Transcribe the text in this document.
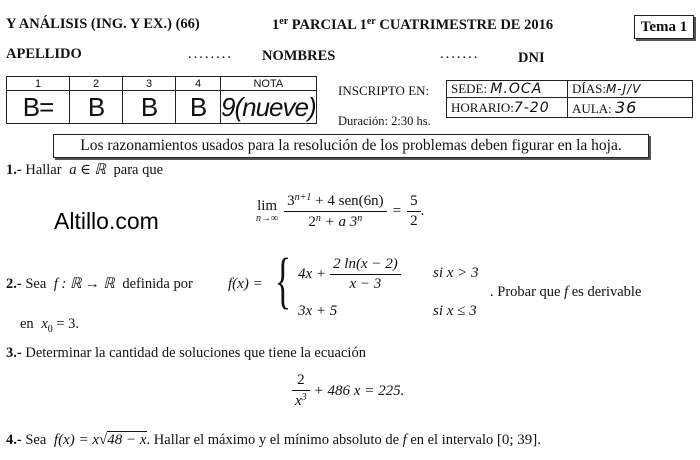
Y ANÁLISIS (ING. Y EX.) (66)	1er PARCIAL 1er CUATRIMESTRE DE 2016	Tema 1
APELLIDO	........ NOMBRES	.......	DNI
1	2	3	4	NOTA
B=	B	B	B	9(nueve)
INSCRIPTO EN: SEDE: M.OCA	DÍAS:M-J/V
HORARIO:7-20	AULA: 36
Duración: 2:30 hs.
Los razonamientos usados para la resolución de los problemas deben figurar en la hoja.
1.- Hallar a ∈ ℝ para que
Altillo.com
lim
$n\to\infty \frac{3^{n+1} + 4 sen(6n)}{2^n + a 3^n} = \frac{5}{2}$ .
2.- Sea f : ℝ → ℝ definida por f(x) = { $4x + \frac{2 \ln(x - 2)}{x - 3}$ si x > 3
3x + 5	si x ≤ 3
. Probar que f es derivable
en $x_0 = 3$.
3.- Determinar la cantidad de soluciones que tiene la ecuación
$\frac{2}{x^3} + 486$ x = 225.
4.- Sea f(x) = x√48 − x. Hallar el máximo y el mínimo absoluto de f en el intervalo [0; 39].
